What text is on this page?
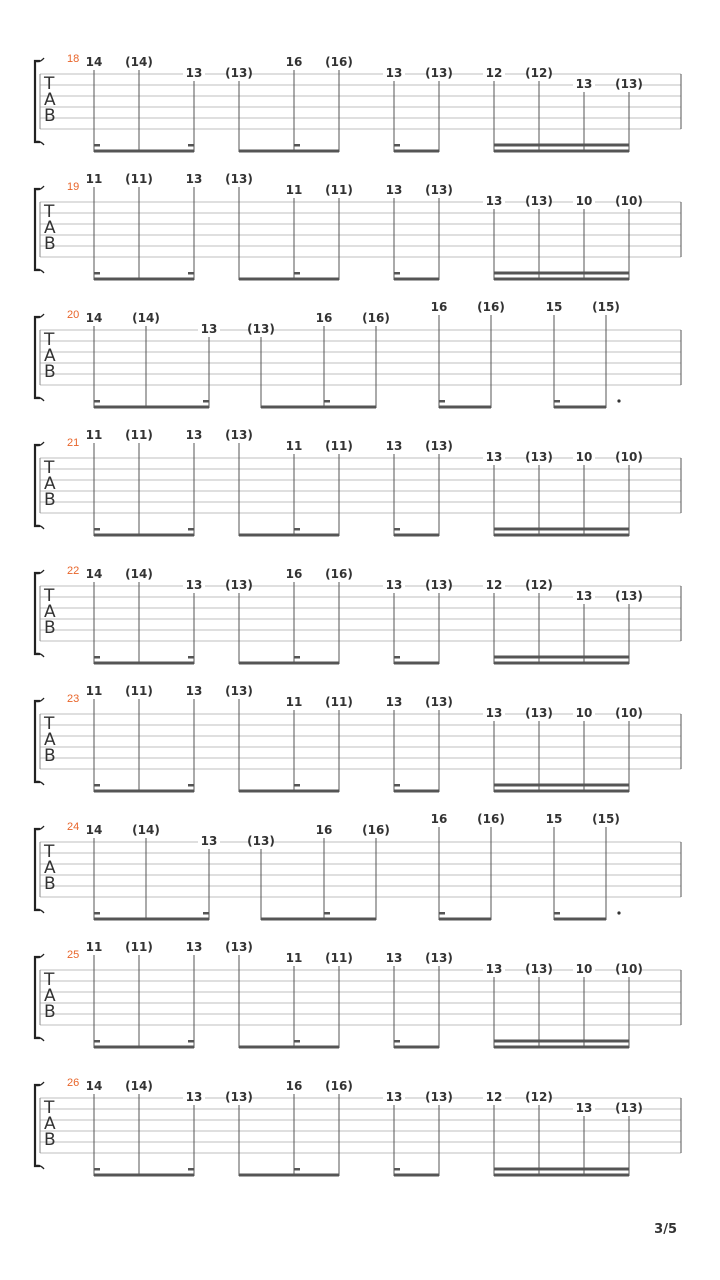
18
T
A
B
14 (14)
13 (13)
16 (16)
13 (13)	12 (12)
13 (13)
19
T
A
B
11 (11)	13 (13)
11 (11)	13 (13)
13 (13) 10 (10)
20
T
A
B
14 (14)
13 (13)
16 (16)
16 (16)	15 (15)
21
T
A
B
11 (11)	13 (13)
11 (11)	13 (13)
13 (13) 10 (10)
22
T
A
B
14 (14)
13 (13)
16 (16)
13 (13)	12 (12)
13 (13)
23
T
A
B
11 (11)	13 (13)
11 (11)	13 (13)
13 (13) 10 (10)
24
T
A
B
14 (14)
13 (13)
16 (16)
16 (16)	15 (15)
25
T
A
B
11 (11)	13 (13)
11 (11)	13 (13)
13 (13) 10 (10)
26
T
A
B
14 (14)
13 (13)
16 (16)
13 (13)	12 (12)
13 (13)
3/5
